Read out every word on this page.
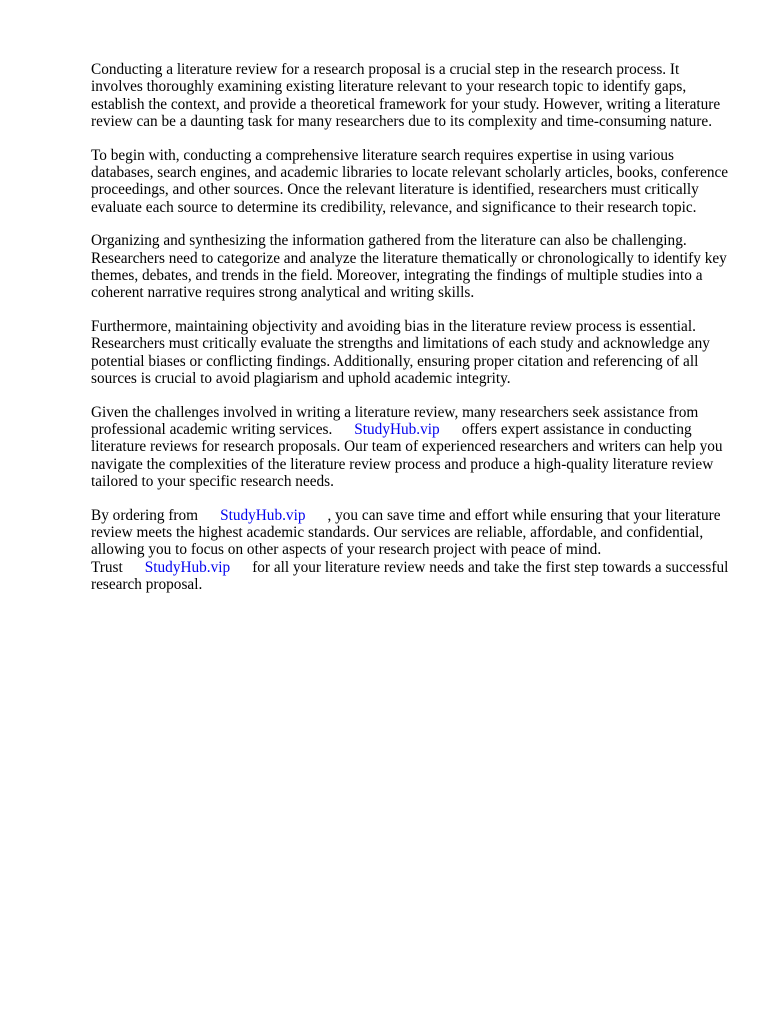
Conducting a literature review for a research proposal is a crucial step in the research process. It involves thoroughly examining existing literature relevant to your research topic to identify gaps, establish the context, and provide a theoretical framework for your study. However, writing a literature review can be a daunting task for many researchers due to its complexity and time-consuming nature.

To begin with, conducting a comprehensive literature search requires expertise in using various databases, search engines, and academic libraries to locate relevant scholarly articles, books, conference proceedings, and other sources. Once the relevant literature is identified, researchers must critically evaluate each source to determine its credibility, relevance, and significance to their research topic.

Organizing and synthesizing the information gathered from the literature can also be challenging. Researchers need to categorize and analyze the literature thematically or chronologically to identify key themes, debates, and trends in the field. Moreover, integrating the findings of multiple studies into a coherent narrative requires strong analytical and writing skills.

Furthermore, maintaining objectivity and avoiding bias in the literature review process is essential. Researchers must critically evaluate the strengths and limitations of each study and acknowledge any potential biases or conflicting findings. Additionally, ensuring proper citation and referencing of all sources is crucial to avoid plagiarism and uphold academic integrity.

Given the challenges involved in writing a literature review, many researchers seek assistance from professional academic writing services. StudyHub.vip offers expert assistance in conducting literature reviews for research proposals. Our team of experienced researchers and writers can help you navigate the complexities of the literature review process and produce a high-quality literature review tailored to your specific research needs.

By ordering from StudyHub.vip , you can save time and effort while ensuring that your literature review meets the highest academic standards. Our services are reliable, affordable, and confidential, allowing you to focus on other aspects of your research project with peace of mind. Trust StudyHub.vip for all your literature review needs and take the first step towards a successful research proposal.
